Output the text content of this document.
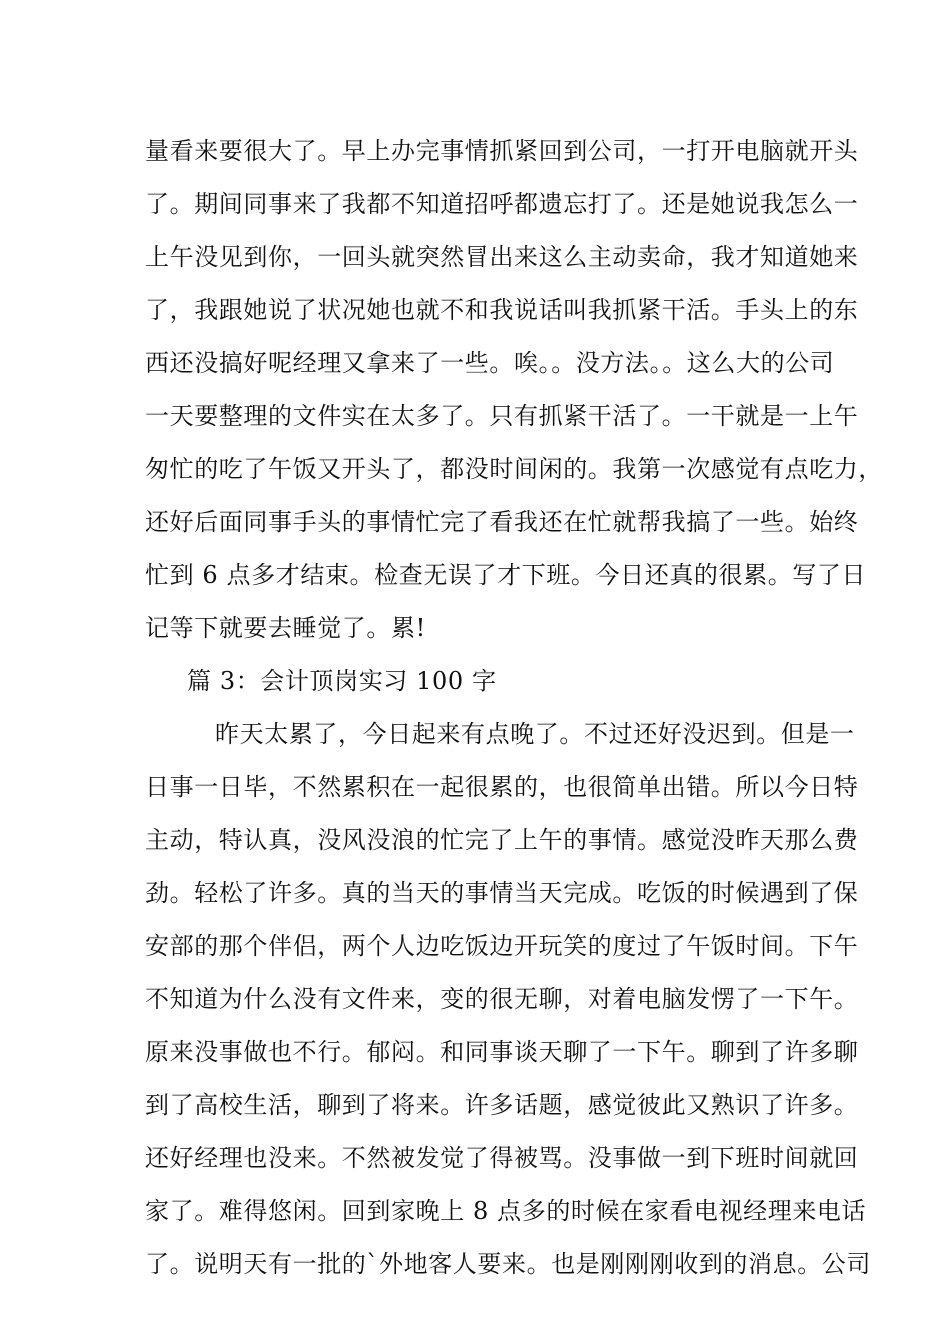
量看来要很大了。早上办完事情抓紧回到公司，一打开电脑就开头
了。期间同事来了我都不知道招呼都遗忘打了。还是她说我怎么一
上午没见到你，一回头就突然冒出来这么主动卖命，我才知道她来
了，我跟她说了状况她也就不和我说话叫我抓紧干活。手头上的东
西还没搞好呢经理又拿来了一些。唉。。没方法。。这么大的公司
一天要整理的文件实在太多了。只有抓紧干活了。一干就是一上午
匆忙的吃了午饭又开头了，都没时间闲的。我第一次感觉有点吃力，
还好后面同事手头的事情忙完了看我还在忙就帮我搞了一些。始终
忙到 6 点多才结束。检查无误了才下班。今日还真的很累。写了日
记等下就要去睡觉了。累!
篇 3：会计顶岗实习 100 字
昨天太累了，今日起来有点晚了。不过还好没迟到。但是一
日事一日毕，不然累积在一起很累的，也很简单出错。所以今日特
主动，特认真，没风没浪的忙完了上午的事情。感觉没昨天那么费
劲。轻松了许多。真的当天的事情当天完成。吃饭的时候遇到了保
安部的那个伴侣，两个人边吃饭边开玩笑的度过了午饭时间。下午
不知道为什么没有文件来，变的很无聊，对着电脑发愣了一下午。
原来没事做也不行。郁闷。和同事谈天聊了一下午。聊到了许多聊
到了高校生活，聊到了将来。许多话题，感觉彼此又熟识了许多。
还好经理也没来。不然被发觉了得被骂。没事做一到下班时间就回
家了。难得悠闲。回到家晚上 8 点多的时候在家看电视经理来电话
了。说明天有一批的`外地客人要来。也是刚刚刚收到的消息。公司
